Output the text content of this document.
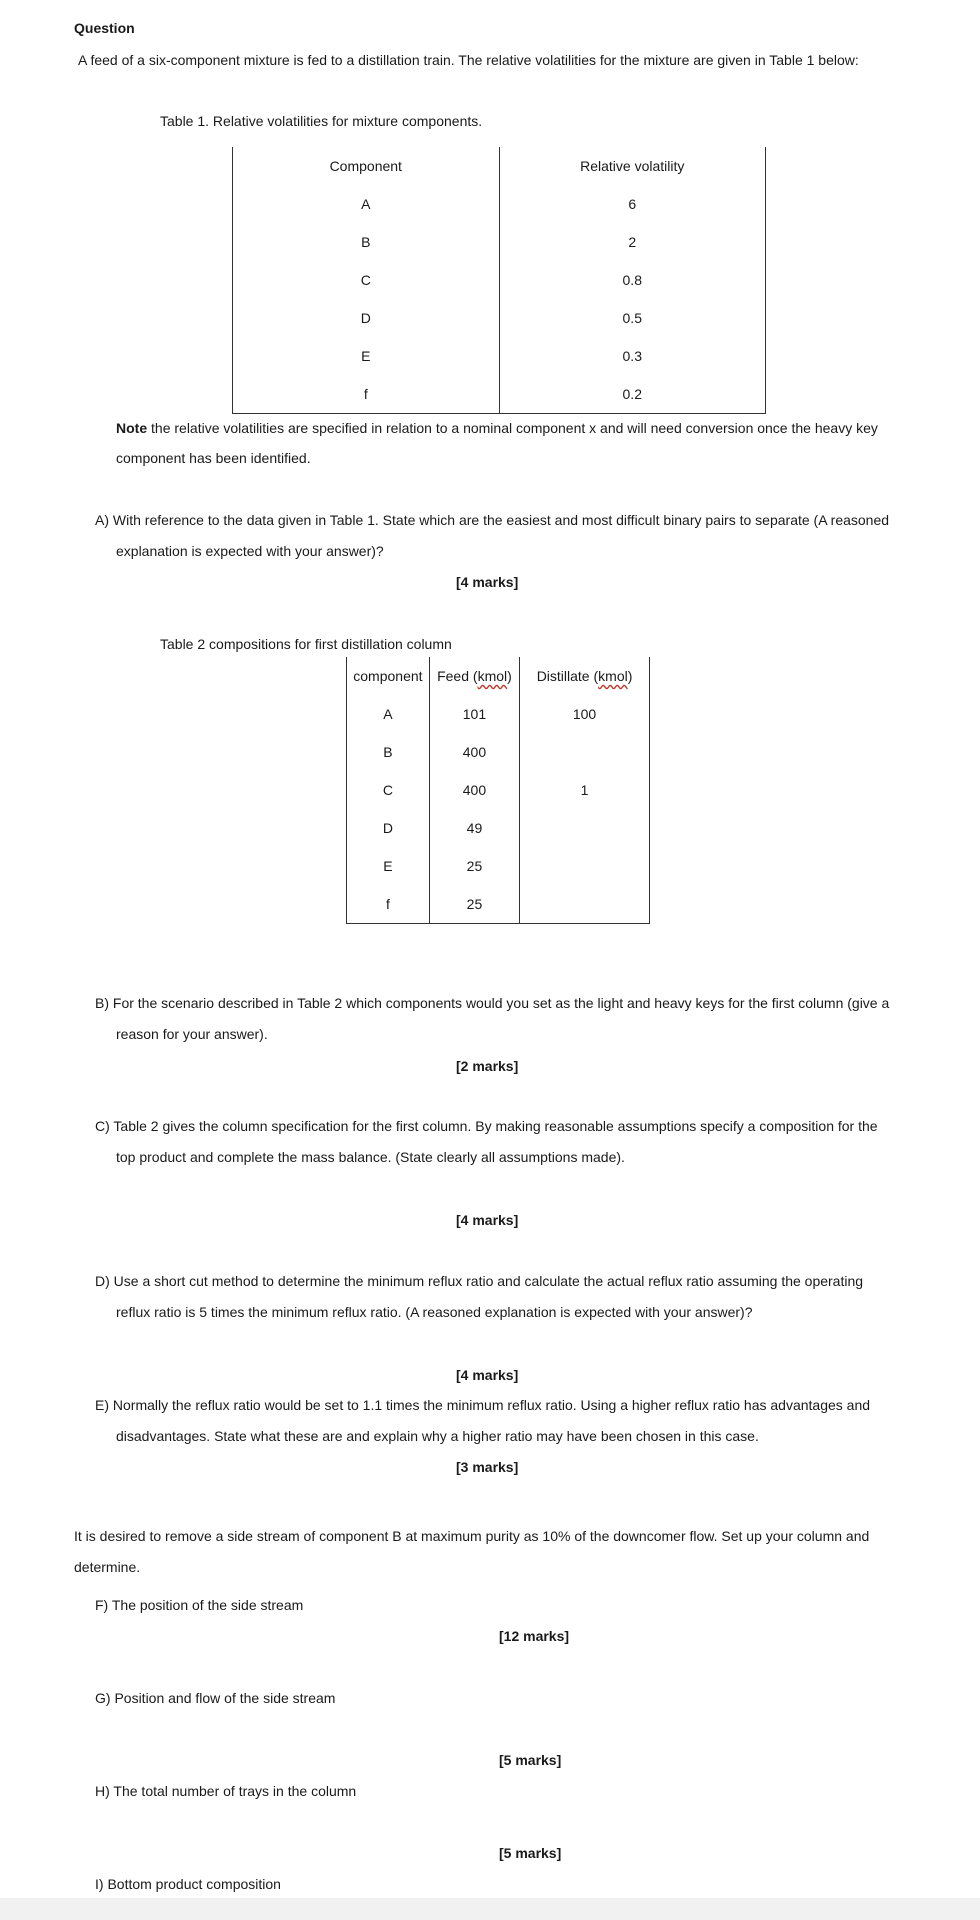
Question
A feed of a six-component mixture is fed to a distillation train. The relative volatilities for the mixture are given in Table 1 below:
Table 1. Relative volatilities for mixture components.
Component	Relative volatility
A	6
B	2
C	0.8
D	0.5
E	0.3
f	0.2
Note the relative volatilities are specified in relation to a nominal component x and will need conversion once the heavy key
component has been identified.
A) With reference to the data given in Table 1. State which are the easiest and most difficult binary pairs to separate (A reasoned
explanation is expected with your answer)?
[4 marks]
Table 2 compositions for first distillation column
component	Feed (kmol)	Distillate (kmol)
A	101	100
B	400	
C	400	1
D	49	
E	25	
f	25	
B) For the scenario described in Table 2 which components would you set as the light and heavy keys for the first column (give a
reason for your answer).
[2 marks]
C) Table 2 gives the column specification for the first column. By making reasonable assumptions specify a composition for the
top product and complete the mass balance. (State clearly all assumptions made).
[4 marks]
D) Use a short cut method to determine the minimum reflux ratio and calculate the actual reflux ratio assuming the operating
reflux ratio is 5 times the minimum reflux ratio. (A reasoned explanation is expected with your answer)?
[4 marks]
E) Normally the reflux ratio would be set to 1.1 times the minimum reflux ratio. Using a higher reflux ratio has advantages and
disadvantages. State what these are and explain why a higher ratio may have been chosen in this case.
[3 marks]
It is desired to remove a side stream of component B at maximum purity as 10% of the downcomer flow. Set up your column and
determine.
F) The position of the side stream
[12 marks]
G) Position and flow of the side stream
[5 marks]
H) The total number of trays in the column
[5 marks]
I) Bottom product composition
